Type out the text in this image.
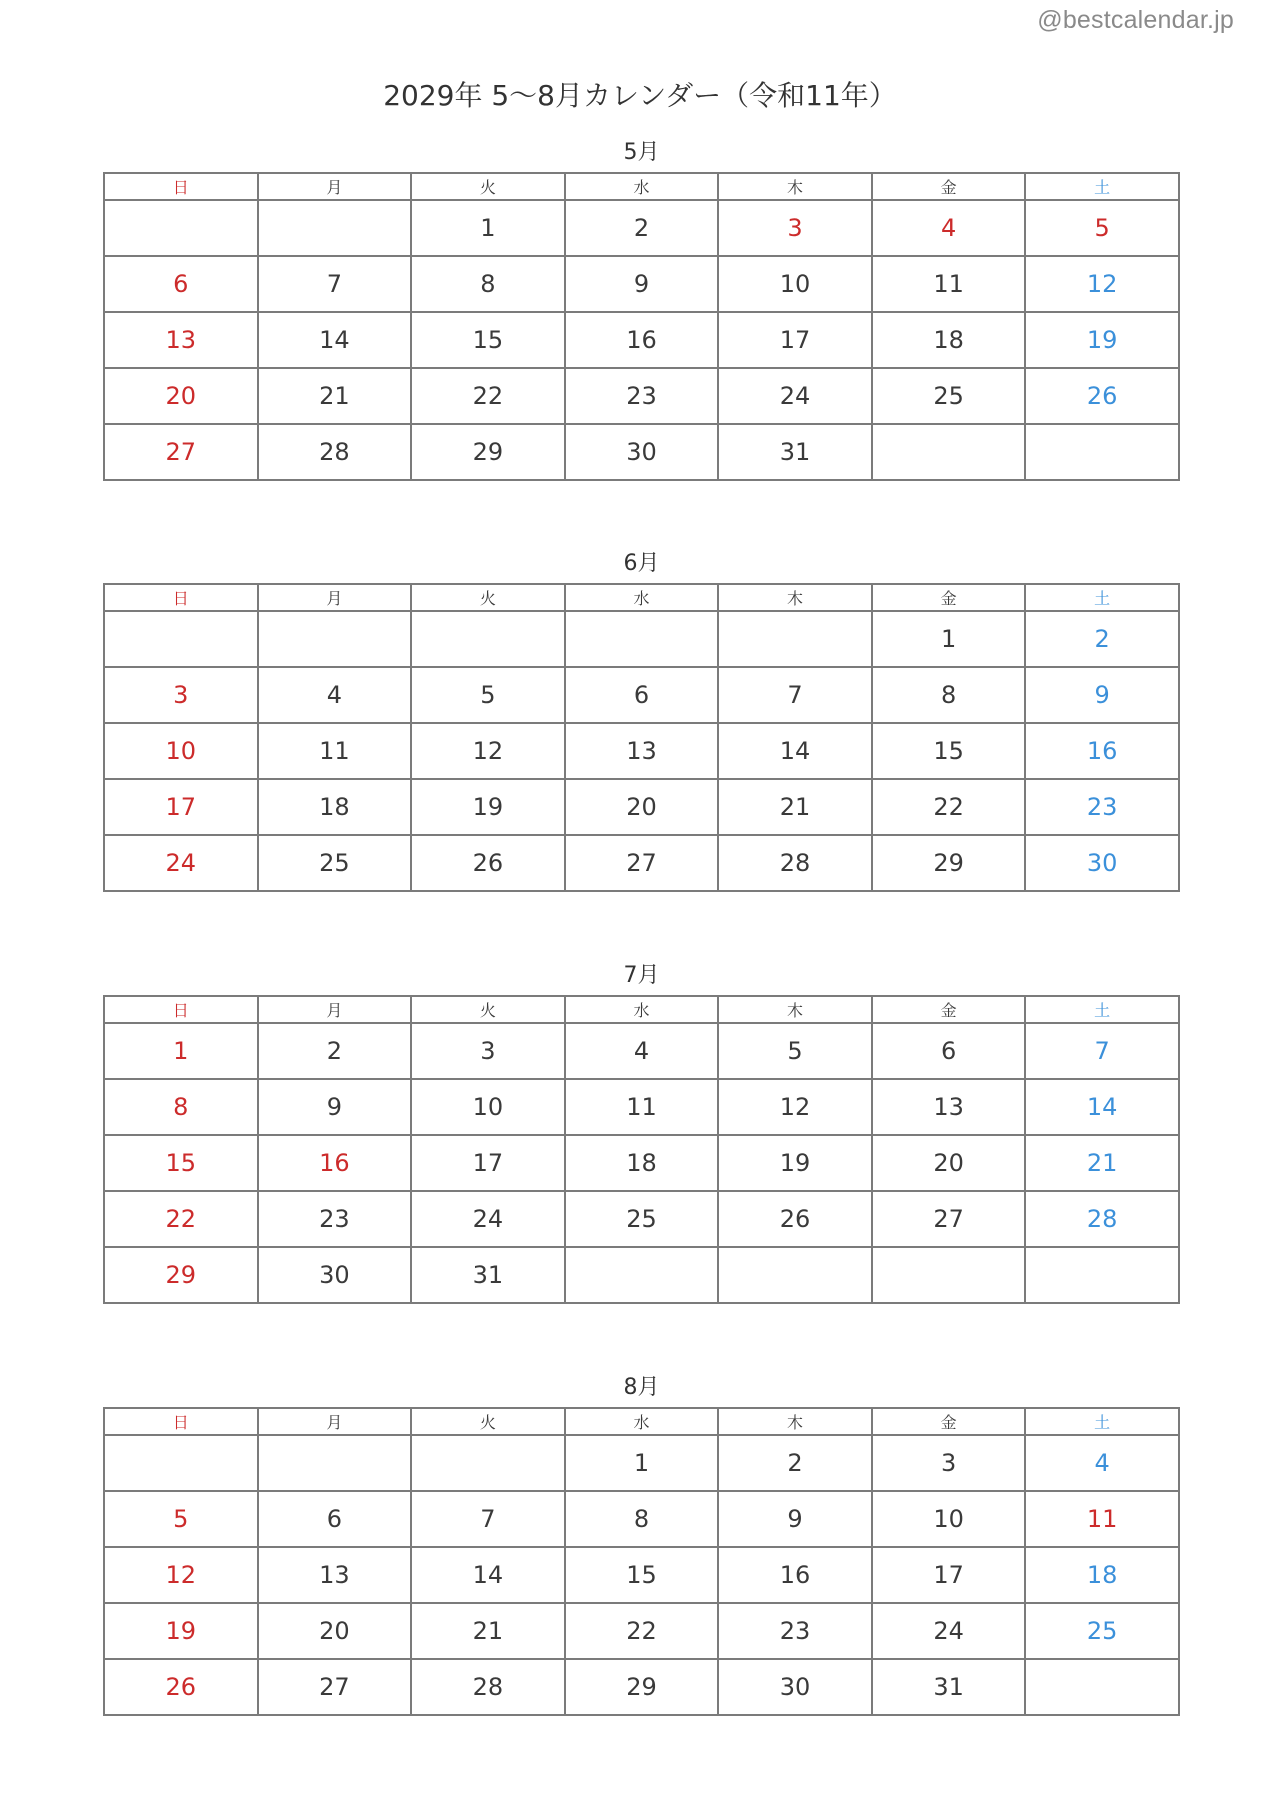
@bestcalendar.jp
2029年 5〜8月カレンダー（令和11年）
5月
日	月	火	水	木	金	土
		1	2	3	4	5
6	7	8	9	10	11	12
13	14	15	16	17	18	19
20	21	22	23	24	25	26
27	28	29	30	31		
6月
日	月	火	水	木	金	土
					1	2
3	4	5	6	7	8	9
10	11	12	13	14	15	16
17	18	19	20	21	22	23
24	25	26	27	28	29	30
7月
日	月	火	水	木	金	土
1	2	3	4	5	6	7
8	9	10	11	12	13	14
15	16	17	18	19	20	21
22	23	24	25	26	27	28
29	30	31				
8月
日	月	火	水	木	金	土
			1	2	3	4
5	6	7	8	9	10	11
12	13	14	15	16	17	18
19	20	21	22	23	24	25
26	27	28	29	30	31	
